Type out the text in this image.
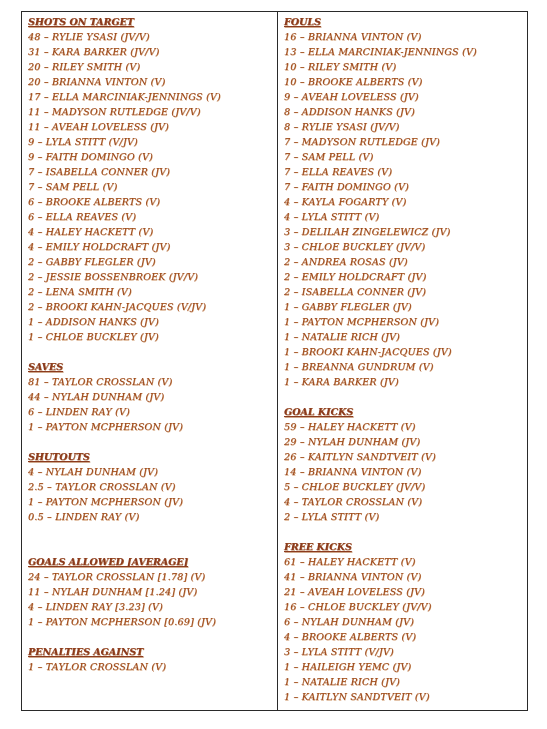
SHOTS ON TARGET
48 – RYLIE YSASI (JV/V)
31 – KARA BARKER (JV/V)
20 – RILEY SMITH (V)
20 – BRIANNA VINTON (V)
17 – ELLA MARCINIAK-JENNINGS (V)
11 – MADYSON RUTLEDGE (JV/V)
11 – AVEAH LOVELESS (JV)
9 – LYLA STITT (V/JV)
9 – FAITH DOMINGO (V)
7 – ISABELLA CONNER (JV)
7 – SAM PELL (V)
6 – BROOKE ALBERTS (V)
6 – ELLA REAVES (V)
4 – HALEY HACKETT (V)
4 – EMILY HOLDCRAFT (JV)
2 – GABBY FLEGLER (JV)
2 – JESSIE BOSSENBROEK (JV/V)
2 – LENA SMITH (V)
2 – BROOKI KAHN-JACQUES (V/JV)
1 – ADDISON HANKS (JV)
1 – CHLOE BUCKLEY (JV)
SAVES
81 – TAYLOR CROSSLAN (V)
44 – NYLAH DUNHAM (JV)
6 – LINDEN RAY (V)
1 – PAYTON MCPHERSON (JV)
SHUTOUTS
4 – NYLAH DUNHAM (JV)
2.5 – TAYLOR CROSSLAN (V)
1 – PAYTON MCPHERSON (JV)
0.5 – LINDEN RAY (V)
GOALS ALLOWED [AVERAGE]
24 – TAYLOR CROSSLAN [1.78] (V)
11 – NYLAH DUNHAM [1.24] (JV)
4 – LINDEN RAY [3.23] (V)
1 – PAYTON MCPHERSON [0.69] (JV)
PENALTIES AGAINST
1 – TAYLOR CROSSLAN (V)
FOULS
16 – BRIANNA VINTON (V)
13 – ELLA MARCINIAK-JENNINGS (V)
10 – RILEY SMITH (V)
10 – BROOKE ALBERTS (V)
9 – AVEAH LOVELESS (JV)
8 – ADDISON HANKS (JV)
8 – RYLIE YSASI (JV/V)
7 – MADYSON RUTLEDGE (JV)
7 – SAM PELL (V)
7 – ELLA REAVES (V)
7 – FAITH DOMINGO (V)
4 – KAYLA FOGARTY (V)
4 – LYLA STITT (V)
3 – DELILAH ZINGELEWICZ (JV)
3 – CHLOE BUCKLEY (JV/V)
2 – ANDREA ROSAS (JV)
2 – EMILY HOLDCRAFT (JV)
2 – ISABELLA CONNER (JV)
1 – GABBY FLEGLER (JV)
1 – PAYTON MCPHERSON (JV)
1 – NATALIE RICH (JV)
1 – BROOKI KAHN-JACQUES (JV)
1 – BREANNA GUNDRUM (V)
1 – KARA BARKER (JV)
GOAL KICKS
59 – HALEY HACKETT (V)
29 – NYLAH DUNHAM (JV)
26 – KAITLYN SANDTVEIT (V)
14 – BRIANNA VINTON (V)
5 – CHLOE BUCKLEY (JV/V)
4 – TAYLOR CROSSLAN (V)
2 – LYLA STITT (V)
FREE KICKS
61 – HALEY HACKETT (V)
41 – BRIANNA VINTON (V)
21 – AVEAH LOVELESS (JV)
16 – CHLOE BUCKLEY (JV/V)
6 – NYLAH DUNHAM (JV)
4 – BROOKE ALBERTS (V)
3 – LYLA STITT (V/JV)
1 – HAILEIGH YEMC (JV)
1 – NATALIE RICH (JV)
1 – KAITLYN SANDTVEIT (V)
